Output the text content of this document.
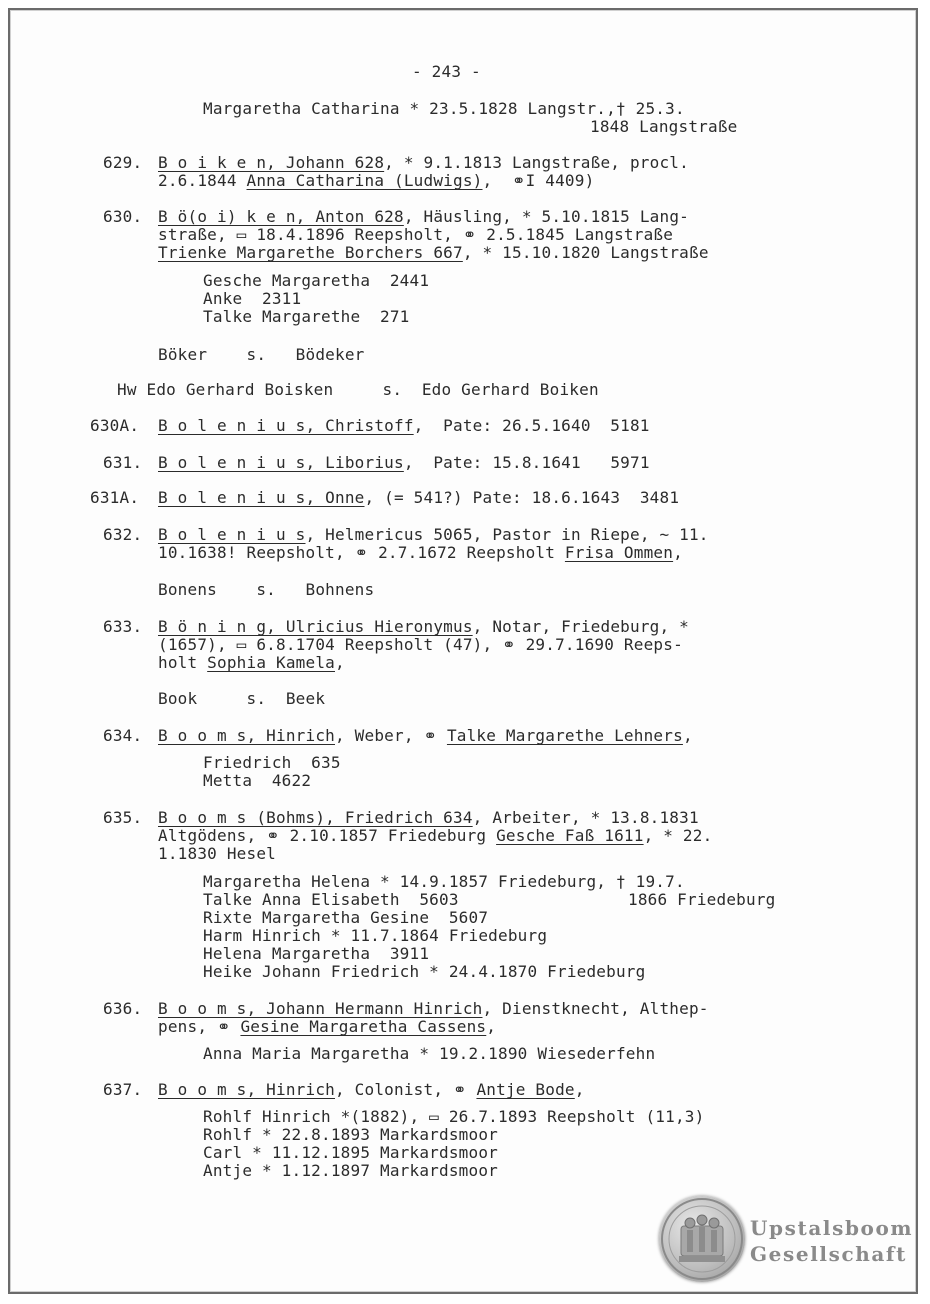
- 243 -
Margaretha Catharina * 23.5.1828 Langstr.,† 25.3.
1848 Langstraße
629. B o i k e n, Johann 628, * 9.1.1813 Langstraße, procl.
2.6.1844 Anna Catharina (Ludwigs),  ⚭I 4409)
630. B ö(o i) k e n, Anton 628, Häusling, * 5.10.1815 Lang-
straße, ▭ 18.4.1896 Reepsholt, ⚭ 2.5.1845 Langstraße
Trienke Margarethe Borchers 667, * 15.10.1820 Langstraße
Gesche Margaretha  2441
Anke  2311
Talke Margarethe  271
Böker    s.   Bödeker
Hw Edo Gerhard Boisken     s.  Edo Gerhard Boiken
630A. B o l e n i u s, Christoff,  Pate: 26.5.1640  5181
631. B o l e n i u s, Liborius,  Pate: 15.8.1641   5971
631A. B o l e n i u s, Onne, (= 541?) Pate: 18.6.1643  3481
632. B o l e n i u s, Helmericus 5065, Pastor in Riepe, ~ 11.
10.1638! Reepsholt, ⚭ 2.7.1672 Reepsholt Frisa Ommen,
Bonens    s.   Bohnens
633. B ö n i n g, Ulricius Hieronymus, Notar, Friedeburg, *
(1657), ▭ 6.8.1704 Reepsholt (47), ⚭ 29.7.1690 Reeps-
holt Sophia Kamela,
Book     s.  Beek
634. B o o m s, Hinrich, Weber, ⚭ Talke Margarethe Lehners,
Friedrich  635
Metta  4622
635. B o o m s (Bohms), Friedrich 634, Arbeiter, * 13.8.1831
Altgödens, ⚭ 2.10.1857 Friedeburg Gesche Faß 1611, * 22.
1.1830 Hesel
Margaretha Helena * 14.9.1857 Friedeburg, † 19.7.
Talke Anna Elisabeth  5603	1866 Friedeburg
Rixte Margaretha Gesine  5607
Harm Hinrich * 11.7.1864 Friedeburg
Helena Margaretha  3911
Heike Johann Friedrich * 24.4.1870 Friedeburg
636. B o o m s, Johann Hermann Hinrich, Dienstknecht, Althep-
pens, ⚭ Gesine Margaretha Cassens,
Anna Maria Margaretha * 19.2.1890 Wiesederfehn
637. B o o m s, Hinrich, Colonist, ⚭ Antje Bode,
Rohlf Hinrich *(1882), ▭ 26.7.1893 Reepsholt (11,3)
Rohlf * 22.8.1893 Markardsmoor
Carl * 11.12.1895 Markardsmoor
Antje * 1.12.1897 Markardsmoor
Upstalsboom
Gesellschaft
